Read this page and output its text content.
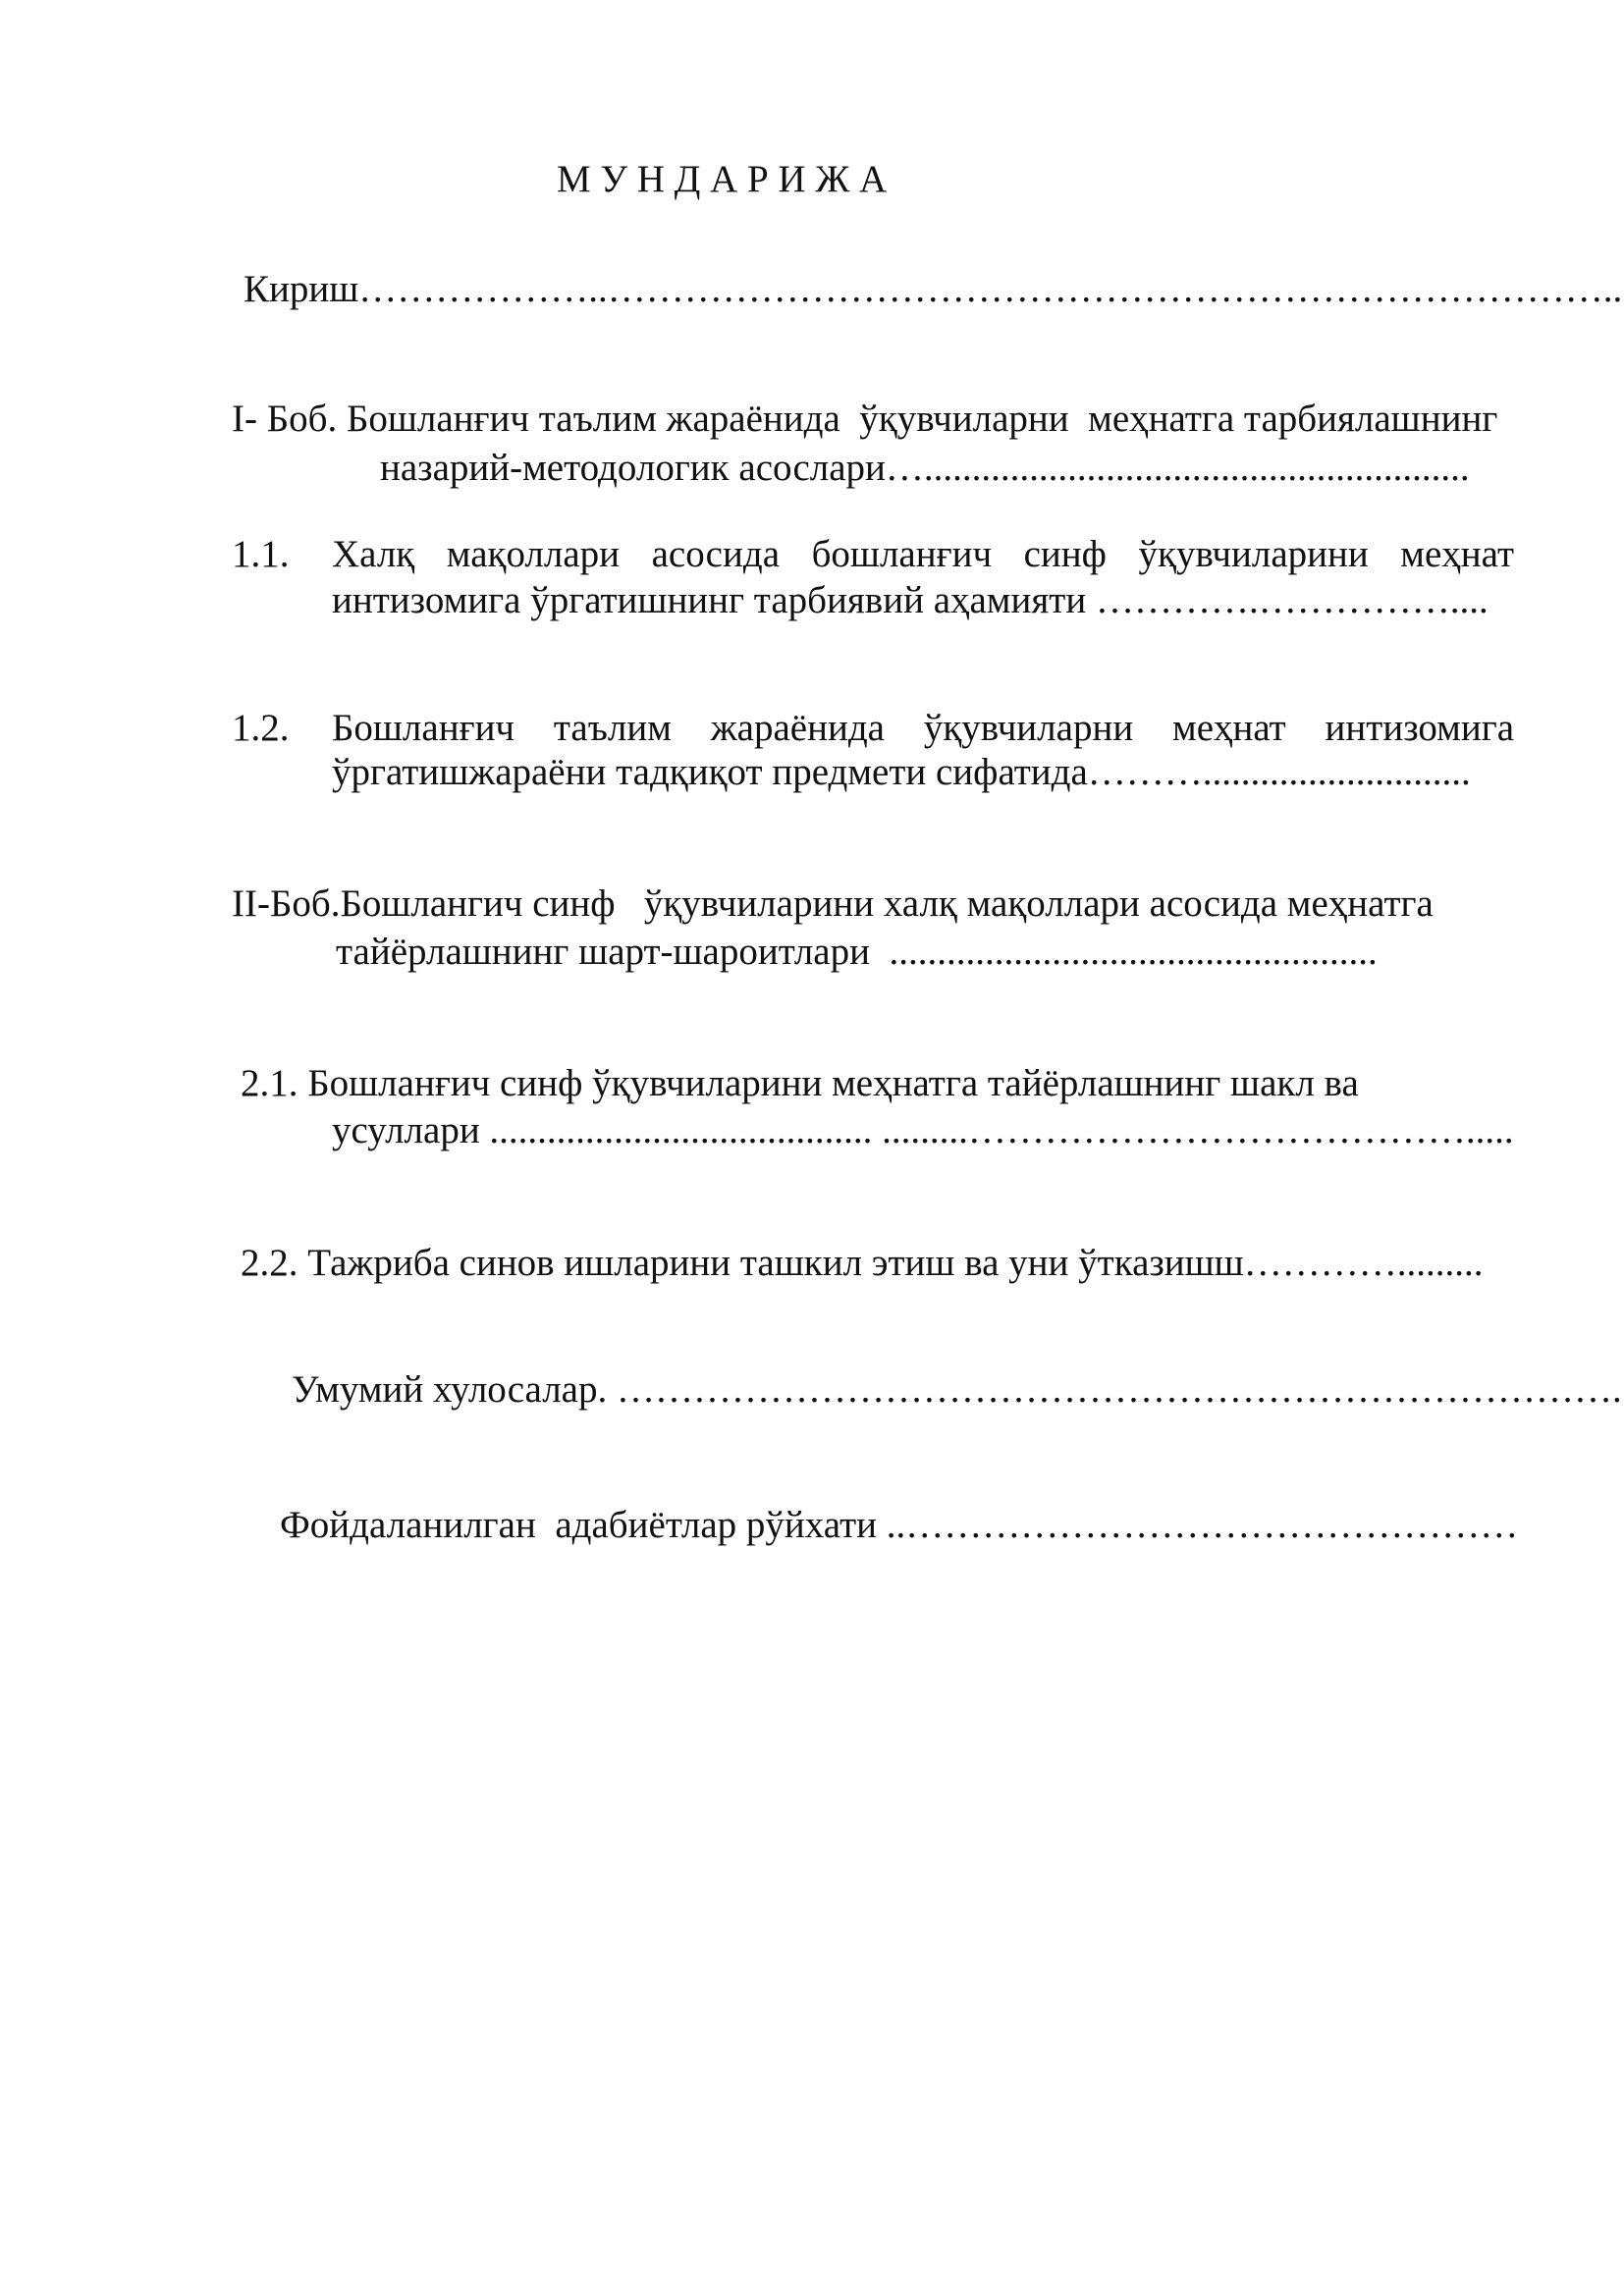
М У Н Д А Р И Ж А
Кириш………………..……………………………………………………………………..
I- Боб. Бошланғич таълим жараёнида  ўқувчиларни  меҳнатга тарбиялашнинг
назарий-методологик асослари….........................................................
1.1. Халқ мақоллари асосида бошланғич синф ўқувчиларини меҳнат
интизомига ўргатишнинг тарбиявий аҳамияти ………….……………....
1.2. Бошланғич таълим жараёнида ўқувчиларни меҳнат интизомига
ўргатишжараёни тадқиқот предмети сифатида………............................
II-Боб.Бошлангич синф   ўқувчиларини халқ мақоллари асосида меҳнатга
тайёрлашнинг шарт-шароитлари  ...................................................
2.1. Бошланғич синф ўқувчиларини меҳнатга тайёрлашнинг шакл ва
усуллари ........................................ .........………………………………….....
2.2. Тажриба синов ишларини ташкил этиш ва уни ўтказишш………….........
Умумий хулосалар. …………………………………………………………………….
Фойдаланилган  адабиётлар рўйхати ..…………………………………………
